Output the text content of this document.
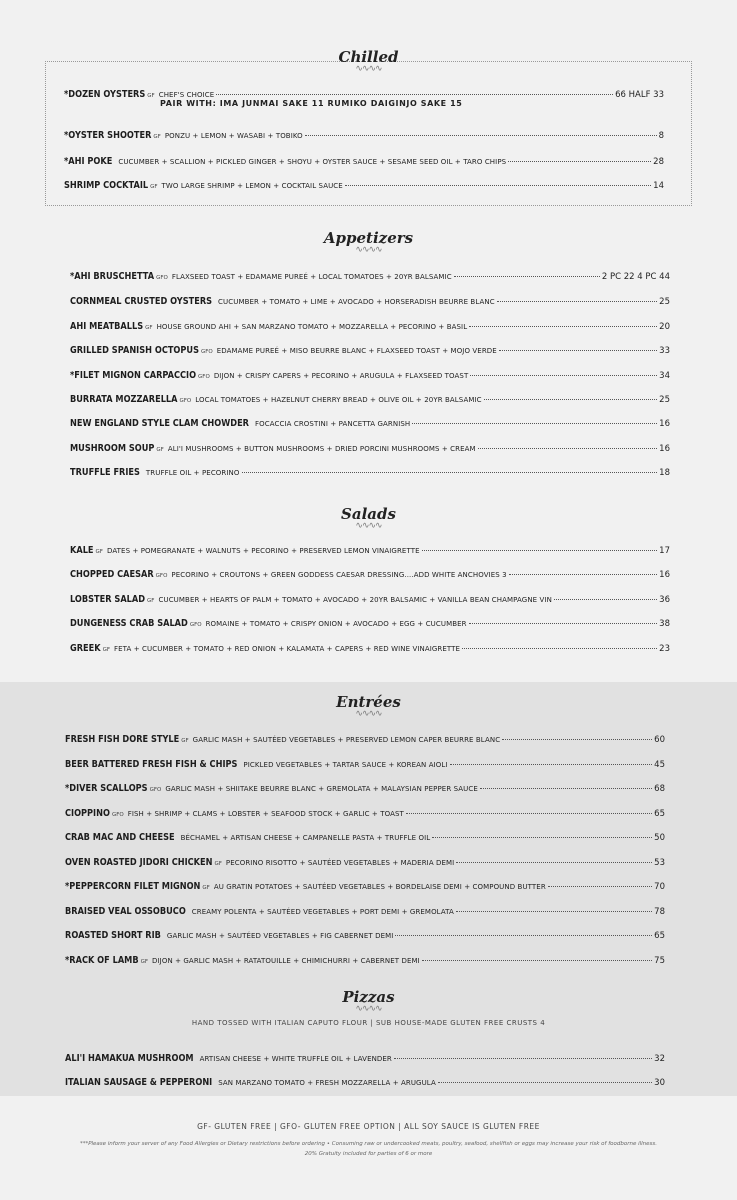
Chilled
∿∿∿∿
Appetizers
∿∿∿∿
Salads
∿∿∿∿
Entrées
∿∿∿∿
Pizzas
∿∿∿∿
PAIR WITH: IMA JUNMAI SAKE 11 RUMIKO DAIGINJO SAKE 15
HAND TOSSED WITH ITALIAN CAPUTO FLOUR | SUB HOUSE-MADE GLUTEN FREE CRUSTS 4
*DOZEN OYSTERS GF CHEF'S CHOICE	66 HALF 33
*OYSTER SHOOTER GF PONZU + LEMON + WASABI + TOBIKO	8
*AHI POKE CUCUMBER + SCALLION + PICKLED GINGER + SHOYU + OYSTER SAUCE + SESAME SEED OIL + TARO CHIPS	28
SHRIMP COCKTAIL GF TWO LARGE SHRIMP + LEMON + COCKTAIL SAUCE	14
*AHI BRUSCHETTA GFO FLAXSEED TOAST + EDAMAME PUREÉ + LOCAL TOMATOES + 20YR BALSAMIC	2 PC 22 4 PC 44
CORNMEAL CRUSTED OYSTERS CUCUMBER + TOMATO + LIME + AVOCADO + HORSERADISH BEURRE BLANC	25
AHI MEATBALLS GF HOUSE GROUND AHI + SAN MARZANO TOMATO + MOZZARELLA + PECORINO + BASIL	20
GRILLED SPANISH OCTOPUS GFO EDAMAME PUREÉ + MISO BEURRE BLANC + FLAXSEED TOAST + MOJO VERDE	33
*FILET MIGNON CARPACCIO GFO DIJON + CRISPY CAPERS + PECORINO + ARUGULA + FLAXSEED TOAST	34
BURRATA MOZZARELLA GFO LOCAL TOMATOES + HAZELNUT CHERRY BREAD + OLIVE OIL + 20YR BALSAMIC	25
NEW ENGLAND STYLE CLAM CHOWDER FOCACCIA CROSTINI + PANCETTA GARNISH	16
MUSHROOM SOUP GF ALI'I MUSHROOMS + BUTTON MUSHROOMS + DRIED PORCINI MUSHROOMS + CREAM	16
TRUFFLE FRIES TRUFFLE OIL + PECORINO	18
KALE GF DATES + POMEGRANATE + WALNUTS + PECORINO + PRESERVED LEMON VINAIGRETTE	17
CHOPPED CAESAR GFO PECORINO + CROUTONS + GREEN GODDESS CAESAR DRESSING....ADD WHITE ANCHOVIES 3	16
LOBSTER SALAD GF CUCUMBER + HEARTS OF PALM + TOMATO + AVOCADO + 20YR BALSAMIC + VANILLA BEAN CHAMPAGNE VIN	36
DUNGENESS CRAB SALAD GFO ROMAINE + TOMATO + CRISPY ONION + AVOCADO + EGG + CUCUMBER	38
GREEK GF FETA + CUCUMBER + TOMATO + RED ONION + KALAMATA + CAPERS + RED WINE VINAIGRETTE	23
FRESH FISH DORE STYLE GF GARLIC MASH + SAUTÉED VEGETABLES + PRESERVED LEMON CAPER BEURRE BLANC	60
BEER BATTERED FRESH FISH & CHIPS PICKLED VEGETABLES + TARTAR SAUCE + KOREAN AIOLI	45
*DIVER SCALLOPS GFO GARLIC MASH + SHIITAKE BEURRE BLANC + GREMOLATA + MALAYSIAN PEPPER SAUCE	68
CIOPPINO GFO FISH + SHRIMP + CLAMS + LOBSTER + SEAFOOD STOCK + GARLIC + TOAST	65
CRAB MAC AND CHEESE BÉCHAMEL + ARTISAN CHEESE + CAMPANELLE PASTA + TRUFFLE OIL	50
OVEN ROASTED JIDORI CHICKEN GF PECORINO RISOTTO + SAUTÉED VEGETABLES + MADERIA DEMI	53
*PEPPERCORN FILET MIGNON GF AU GRATIN POTATOES + SAUTÉED VEGETABLES + BORDELAISE DEMI + COMPOUND BUTTER	70
BRAISED VEAL OSSOBUCO CREAMY POLENTA + SAUTÉED VEGETABLES + PORT DEMI + GREMOLATA	78
ROASTED SHORT RIB GARLIC MASH + SAUTÉED VEGETABLES + FIG CABERNET DEMI	65
*RACK OF LAMB GF DIJON + GARLIC MASH + RATATOUILLE + CHIMICHURRI + CABERNET DEMI	75
ALI'I HAMAKUA MUSHROOM ARTISAN CHEESE + WHITE TRUFFLE OIL + LAVENDER	32
ITALIAN SAUSAGE & PEPPERONI SAN MARZANO TOMATO + FRESH MOZZARELLA + ARUGULA	30
GF- GLUTEN FREE | GFO- GLUTEN FREE OPTION | ALL SOY SAUCE IS GLUTEN FREE
***Please inform your server of any Food Allergies or Dietary restrictions before ordering • Consuming raw or undercooked meats, poultry, seafood, shellfish or eggs may increase your risk of foodborne illness.
20% Gratuity included for parties of 6 or more
